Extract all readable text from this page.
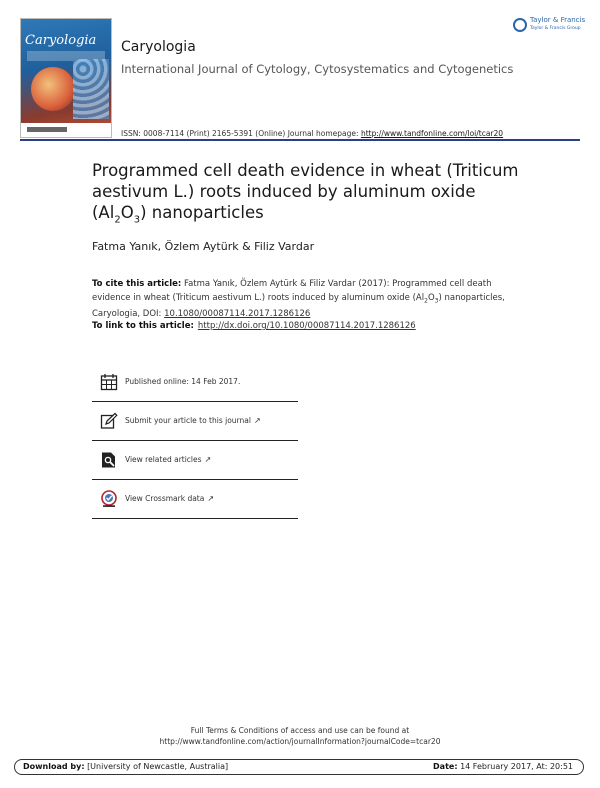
Caryologia Caryologia
International Journal of Cytology, Cytosystematics and Cytogenetics
ISSN: 0008-7114 (Print) 2165-5391 (Online) Journal homepage: http://www.tandfonline.com/loi/tcar20
Taylor & Francis
Taylor & Francis Group
Programmed cell death evidence in wheat (Triticum aestivum L.) roots induced by aluminum oxide $(Al_2O_3)$ nanoparticles
Fatma Yanık, Özlem Aytürk & Filiz Vardar
To cite this article: Fatma Yanık, Özlem Aytürk & Filiz Vardar (2017): Programmed cell death evidence in wheat (Triticum aestivum L.) roots induced by aluminum oxide $(Al_2O_3)$ nanoparticles, Caryologia, DOI: 10.1080/00087114.2017.1286126
To link to this article: http://dx.doi.org/10.1080/00087114.2017.1286126
Published online: 14 Feb 2017.
Submit your article to this journal ↗
View related articles ↗
View Crossmark data ↗
Full Terms & Conditions of access and use can be found at
http://www.tandfonline.com/action/journalInformation?journalCode=tcar20
Download by: [University of Newcastle, Australia]	Date: 14 February 2017, At: 20:51
